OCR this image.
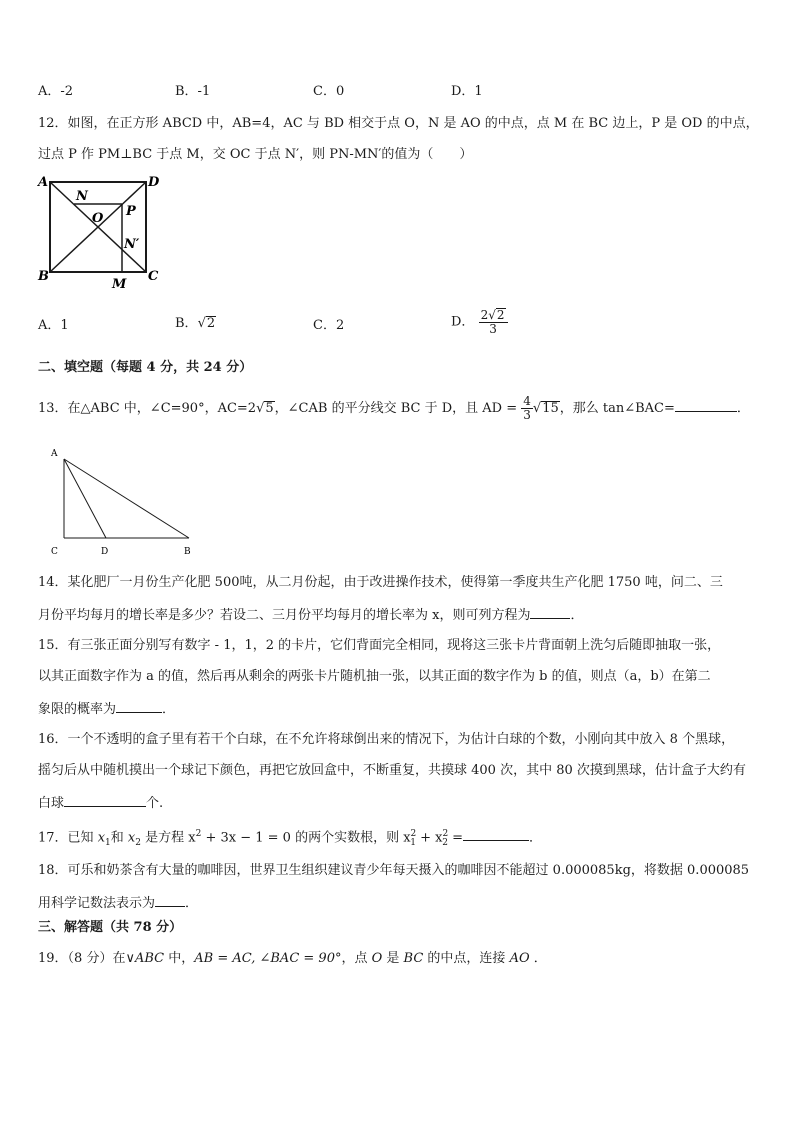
A．-2	B．-1	C．0	D．1
12．如图，在正方形 ABCD 中，AB=4，AC 与 BD 相交于点 O，N 是 AO 的中点，点 M 在 BC 边上，P 是 OD 的中点，
过点 P 作 PM⊥BC 于点 M，交 OC 于点 N′，则 PN-MN′的值为（　　）
A	D
N
O P
N′
B
M
C
A．1	B．√2	C．2	D． $\frac{2√2}{3}$
二、填空题（每题 4 分，共 24 分）
13．在△ABC 中，∠C=90°，AC=2√5，∠CAB 的平分线交 BC 于 D，且 AD = $\frac{4}{3} √15$，那么 tan∠BAC=	．
A
C	D	B
14．某化肥厂一月份生产化肥 500吨，从二月份起，由于改进操作技术，使得第一季度共生产化肥 1750 吨，问二、三
月份平均每月的增长率是多少？若设二、三月份平均每月的增长率为 x，则可列方程为	．
15．有三张正面分别写有数字 - 1，1，2 的卡片，它们背面完全相同，现将这三张卡片背面朝上洗匀后随即抽取一张，
以其正面数字作为 a 的值，然后再从剩余的两张卡片随机抽一张，以其正面的数字作为 b 的值，则点（a，b）在第二
象限的概率为	．
16．一个不透明的盒子里有若干个白球，在不允许将球倒出来的情况下，为估计白球的个数，小刚向其中放入 8 个黑球，
摇匀后从中随机摸出一个球记下颜色，再把它放回盒中，不断重复，共摸球 400 次，其中 80 次摸到黑球，估计盒子大约有
白球	个.
17．已知 $x_1$和 $x_2$ 是方程 $x^2 + 3x - 1 = 0$ 的两个实数根，则 $x^2_1 + x^2_2$ =	．
18．可乐和奶茶含有大量的咖啡因，世界卫生组织建议青少年每天摄入的咖啡因不能超过 0.000085kg，将数据 0.000085
用科学记数法表示为 ．
三、解答题（共 78 分）
19．（8 分）在∨ABC 中，AB = AC, ∠BAC = 90°，点 O 是 BC 的中点，连接 AO ．
